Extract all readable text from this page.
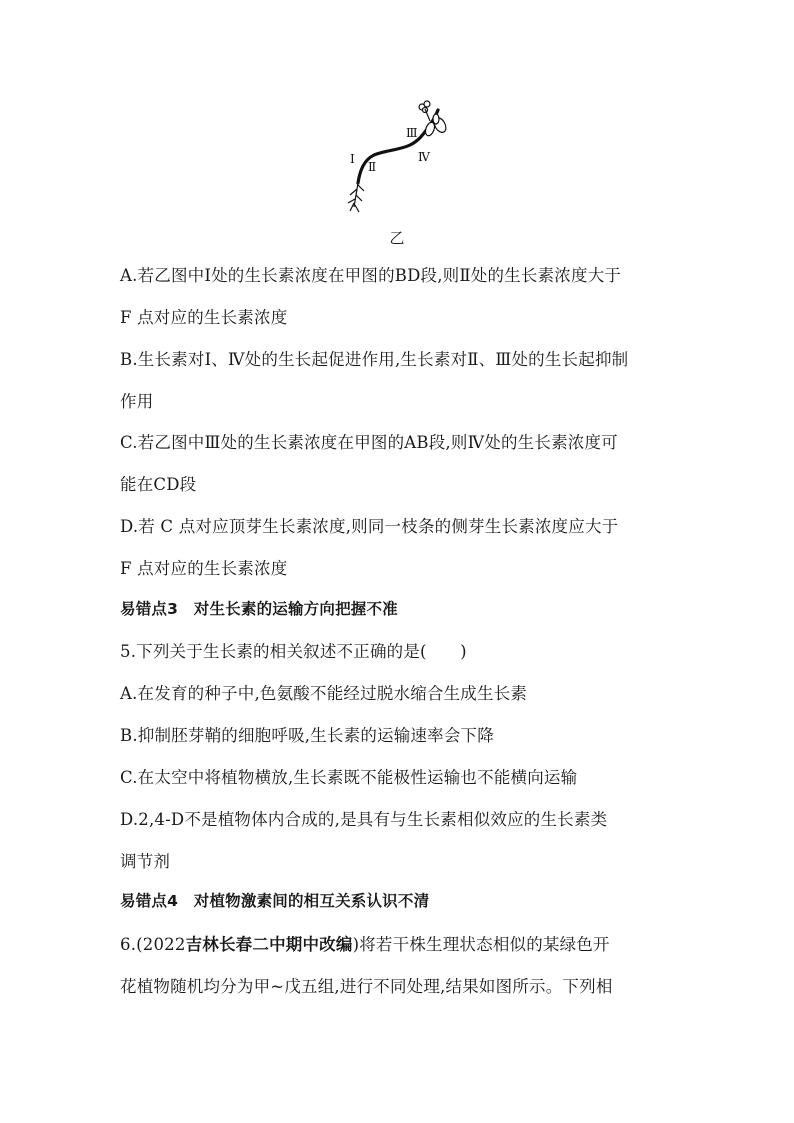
Ⅰ
Ⅱ
Ⅲ
Ⅳ
乙
A.若乙图中Ⅰ处的生长素浓度在甲图的BD段,则Ⅱ处的生长素浓度大于
F 点对应的生长素浓度
B.生长素对Ⅰ、Ⅳ处的生长起促进作用,生长素对Ⅱ、Ⅲ处的生长起抑制
作用
C.若乙图中Ⅲ处的生长素浓度在甲图的AB段,则Ⅳ处的生长素浓度可
能在CD段
D.若 C 点对应顶芽生长素浓度,则同一枝条的侧芽生长素浓度应大于
F 点对应的生长素浓度
易错点3　对生长素的运输方向把握不准
5.下列关于生长素的相关叙述不正确的是(　　)
A.在发育的种子中,色氨酸不能经过脱水缩合生成生长素
B.抑制胚芽鞘的细胞呼吸,生长素的运输速率会下降
C.在太空中将植物横放,生长素既不能极性运输也不能横向运输
D.2,4-D不是植物体内合成的,是具有与生长素相似效应的生长素类
调节剂
易错点4　对植物激素间的相互关系认识不清
6.(2022吉林长春二中期中改编)将若干株生理状态相似的某绿色开
花植物随机均分为甲~戊五组,进行不同处理,结果如图所示。下列相
